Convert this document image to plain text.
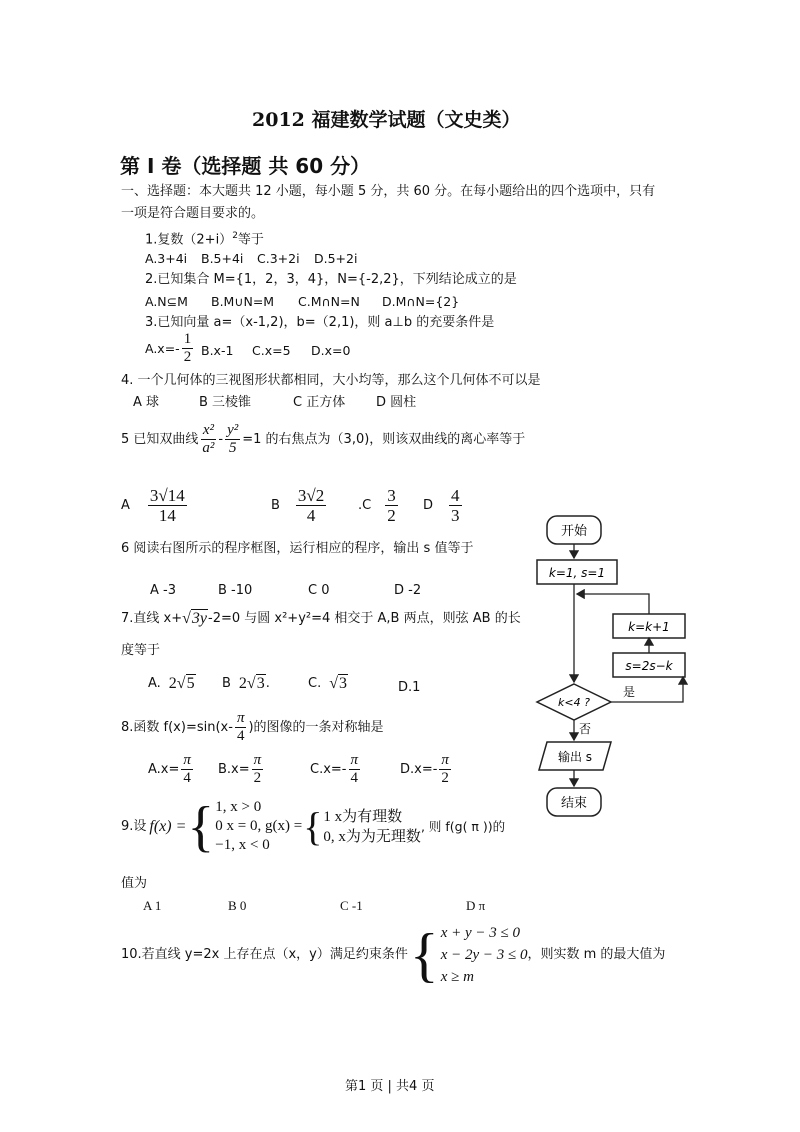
2012 福建数学试题（文史类）
第 I 卷（选择题 共 60 分）
一、选择题：本大题共 12 小题，每小题 5 分，共 60 分。在每小题给出的四个选项中，只有
一项是符合题目要求的。
1.复数$(2+i)^2$等于
A.3+4i B.5+4i C.3+2i D.5+2i
2.已知集合 M={1，2，3，4}，N={-2,2}，下列结论成立的是
A.N⊆M B.M∪N=M C.M∩N=N D.M∩N={2}
3.已知向量 a=（x-1,2)，b=（2,1)，则 a⊥b 的充要条件是
$A.x=- \frac{1}{2} B.x-1$ C.x=5 D.x=0
4. 一个几何体的三视图形状都相同，大小均等，那么这个几何体不可以是
A 球	B 三棱锥	C 正方体 D 圆柱
5 已知双曲线 $\frac{\text{x²}}{\text{a²}} - \frac{\text{y²}}{5} =1$ 的右焦点为（3,0)，则该双曲线的离心率等于
A $\frac{3√14}{14}$	B $\frac{3√2}{4} .C \frac{3}{2}$ D $\frac{4}{3}$
6 阅读右图所示的程序框图，运行相应的程序，输出 s 值等于
A -3	B -10	C 0	D -2
7.直线 x+ √3y -2=0 与圆 x²+y²=4 相交于 A,B 两点，则弦 AB 的长
度等于
A. 2√5 B 2√3 .	C. √3	D.1
8.函数 $f(x)=\sin(x- \frac{\pi}{4}$ )的图像的一条对称轴是
$A.x= \frac{\pi}{4} B.x= \frac{\pi}{2}$	$C.x=- \frac{\pi}{4}$	$D.x=- \frac{\pi}{2}$
9.设 f(x) = { 1, x > 0
0 x = 0, g(x) =
−1, x < 0 { 1 x为有理数
0, x为为无理数
, 则 f(g( π ))的
值为
A 1	B 0	C -1	D π
10.若直线 y=2x 上存在点（x，y）满足约束条件 { x + y − 3 ≤ 0
x − 2y − 3 ≤ 0
x ≥ m
，则实数 m 的最大值为
开始
k=1, s=1
k=k+1
s=2s−k
是
k<4 ?
否
输出 s
结束
第1 页 | 共4 页
